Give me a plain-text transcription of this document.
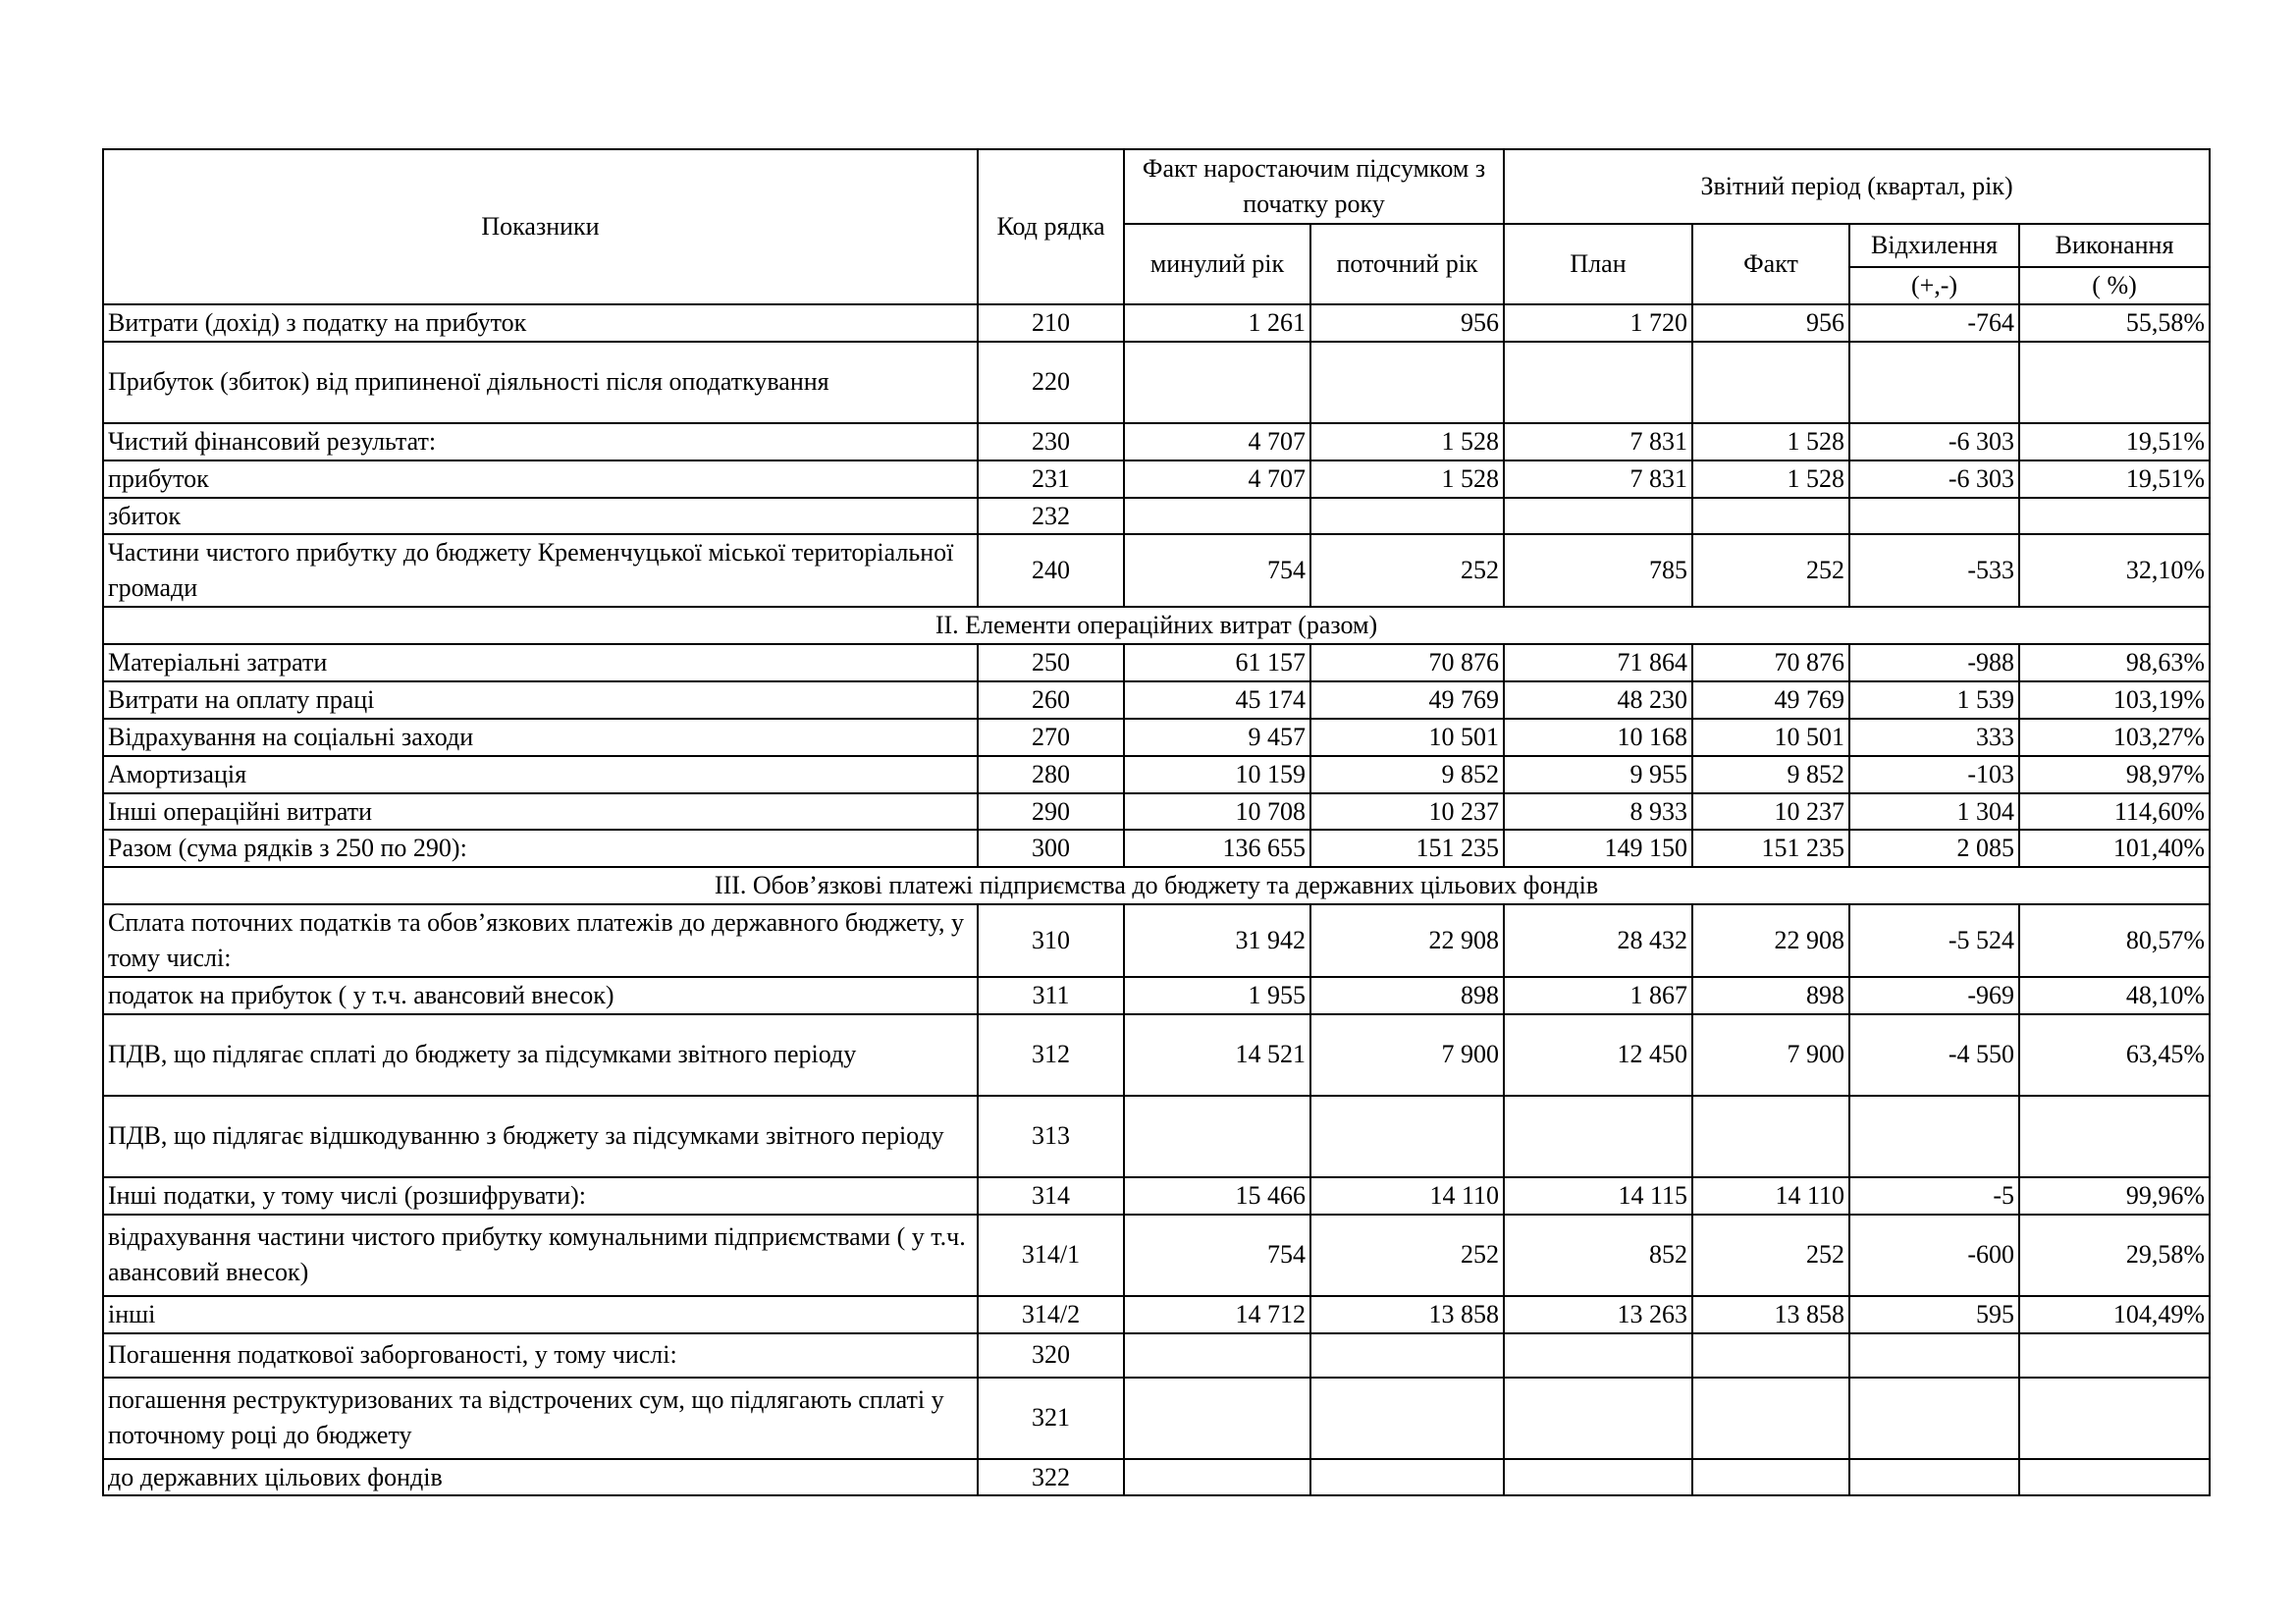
Показники	Код рядка	Факт наростаючим підсумком з початку року		Звітний період (квартал, рік)			
		минулий рік	поточний рік	План	Факт	Відхилення	Виконання
						(+,-)	( %)
Витрати (дохід) з податку на прибуток	210	1 261	956	1 720	956	-764	55,58%
Прибуток (збиток) від припиненої діяльності після оподаткування	220						
Чистий фінансовий результат:	230	4 707	1 528	7 831	1 528	-6 303	19,51%
прибуток	231	4 707	1 528	7 831	1 528	-6 303	19,51%
збиток	232						
Частини чистого прибутку до бюджету Кременчуцької міської територіальної громади	240	754	252	785	252	-533	32,10%
ІІ. Елементи операційних витрат (разом)							
Матеріальні затрати	250	61 157	70 876	71 864	70 876	-988	98,63%
Витрати на оплату праці	260	45 174	49 769	48 230	49 769	1 539	103,19%
Відрахування на соціальні заходи	270	9 457	10 501	10 168	10 501	333	103,27%
Амортизація	280	10 159	9 852	9 955	9 852	-103	98,97%
Інші операційні витрати	290	10 708	10 237	8 933	10 237	1 304	114,60%
Разом (сума рядків з 250 по 290):	300	136 655	151 235	149 150	151 235	2 085	101,40%
ІІІ. Обов’язкові платежі підприємства до бюджету та державних цільових фондів							
Сплата поточних податків та обов’язкових платежів до державного бюджету, у тому числі:	310	31 942	22 908	28 432	22 908	-5 524	80,57%
податок на прибуток ( у т.ч. авансовий внесок)	311	1 955	898	1 867	898	-969	48,10%
ПДВ, що підлягає сплаті до бюджету за підсумками звітного періоду	312	14 521	7 900	12 450	7 900	-4 550	63,45%
ПДВ, що підлягає відшкодуванню з бюджету за підсумками звітного періоду	313						
Інші податки, у тому числі (розшифрувати):	314	15 466	14 110	14 115	14 110	-5	99,96%
відрахування частини чистого прибутку комунальними підприємствами ( у т.ч. авансовий внесок)	314/1	754	252	852	252	-600	29,58%
інші	314/2	14 712	13 858	13 263	13 858	595	104,49%
Погашення податкової заборгованості, у тому числі:	320						
погашення реструктуризованих та відстрочених сум, що підлягають сплаті у поточному році до бюджету	321						
до державних цільових фондів	322						
